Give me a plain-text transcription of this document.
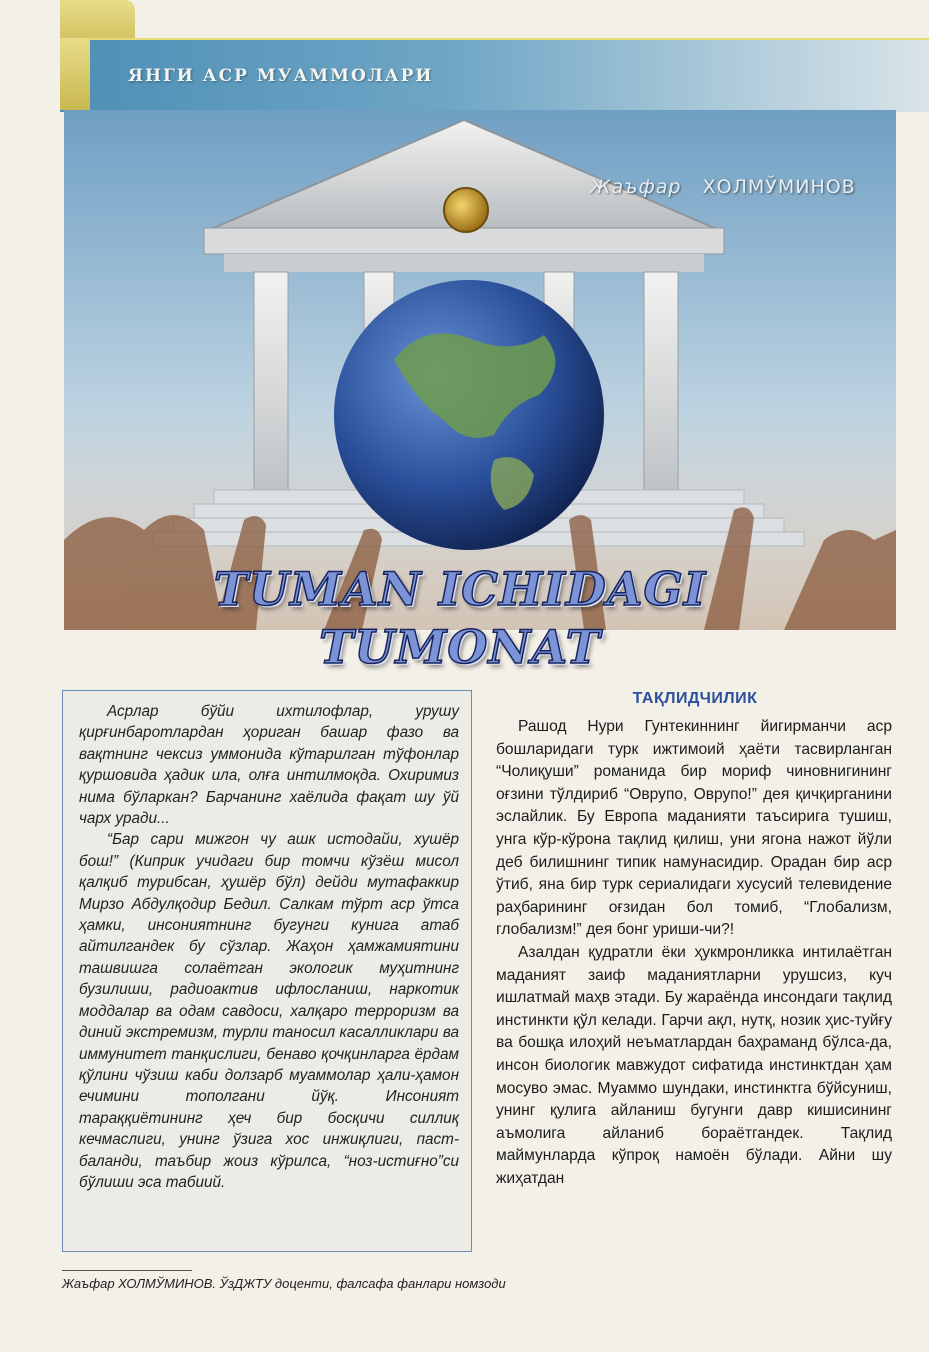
ЯНГИ АСР МУАММОЛАРИ

Жаъфар ХОЛМЎМИНОВ

TUMAN ICHIDAGI
TUMONAT

Асрлар бўйи ихтилофлар, урушу қирғинбаротлардан ҳориган башар фазо ва вақтнинг чексиз уммонида кўтарилган тўфонлар қуршовида ҳадик ила, олға интилмоқда. Охиримиз нима бўларкан? Барчанинг хаёлида фақат шу ўй чарх уради...

“Бар сари мижгон чу ашк истодайи, хушёр бош!” (Киприк учидаги бир томчи кўзёш мисол қалқиб турибсан, ҳушёр бўл) дейди мутафаккир Мирзо Абдулқодир Бедил. Салкам тўрт аср ўтса ҳамки, инсониятнинг бугунги кунига атаб айтилгандек бу сўзлар. Жаҳон ҳамжамиятини ташвишга солаётган экологик муҳитнинг бузилиши, радиоактив ифлосланиш, наркотик моддалар ва одам савдоси, халқаро терроризм ва диний экстремизм, турли таносил касалликлари ва иммунитет танқислиги, бенаво қочқинларга ёрдам қўлини чўзиш каби долзарб муаммолар ҳали-ҳамон ечимини тополгани йўқ. Инсоният тараққиётининг ҳеч бир босқичи силлиқ кечмаслиги, унинг ўзига хос инжиқлиги, паст-баланди, таъбир жоиз кўрилса, “ноз-истиғно”си бўлиши эса табиий.

ТАҚЛИДЧИЛИК

Рашод Нури Гунтекиннинг йигирманчи аср бошларидаги турк ижтимоий ҳаёти тасвирланган “Чолиқуши” романида бир мориф чиновнигининг оғзини тўлдириб “Оврупо, Оврупо!” дея қичқирганини эслайлик. Бу Европа маданияти таъсирига тушиш, унга кўр-кўрона тақлид қилиш, уни ягона нажот йўли деб билишнинг типик намунасидир. Орадан бир аср ўтиб, яна бир турк сериалидаги хусусий телевидение раҳбарининг оғзидан бол томиб, “Глобализм, глобализм!” дея бонг уриши-чи?!

Азалдан қудратли ёки ҳукмронликка интилаётган маданият заиф маданиятларни урушсиз, куч ишлатмай маҳв этади. Бу жараёнда инсондаги тақлид инстинкти қўл келади. Гарчи ақл, нутқ, нозик ҳис-туйғу ва бошқа илоҳий неъматлардан баҳраманд бўлса-да, инсон биологик мавжудот сифатида инстинктдан ҳам мосуво эмас. Муаммо шундаки, инстинктга бўйсуниш, унинг қулига айланиш бугунги давр кишисининг аъмолига айланиб бораётгандек. Тақлид маймунларда кўпроқ намоён бўлади. Айни шу жиҳатдан

Жаъфар ХОЛМЎМИНОВ. ЎзДЖТУ доценти, фалсафа фанлари номзоди
